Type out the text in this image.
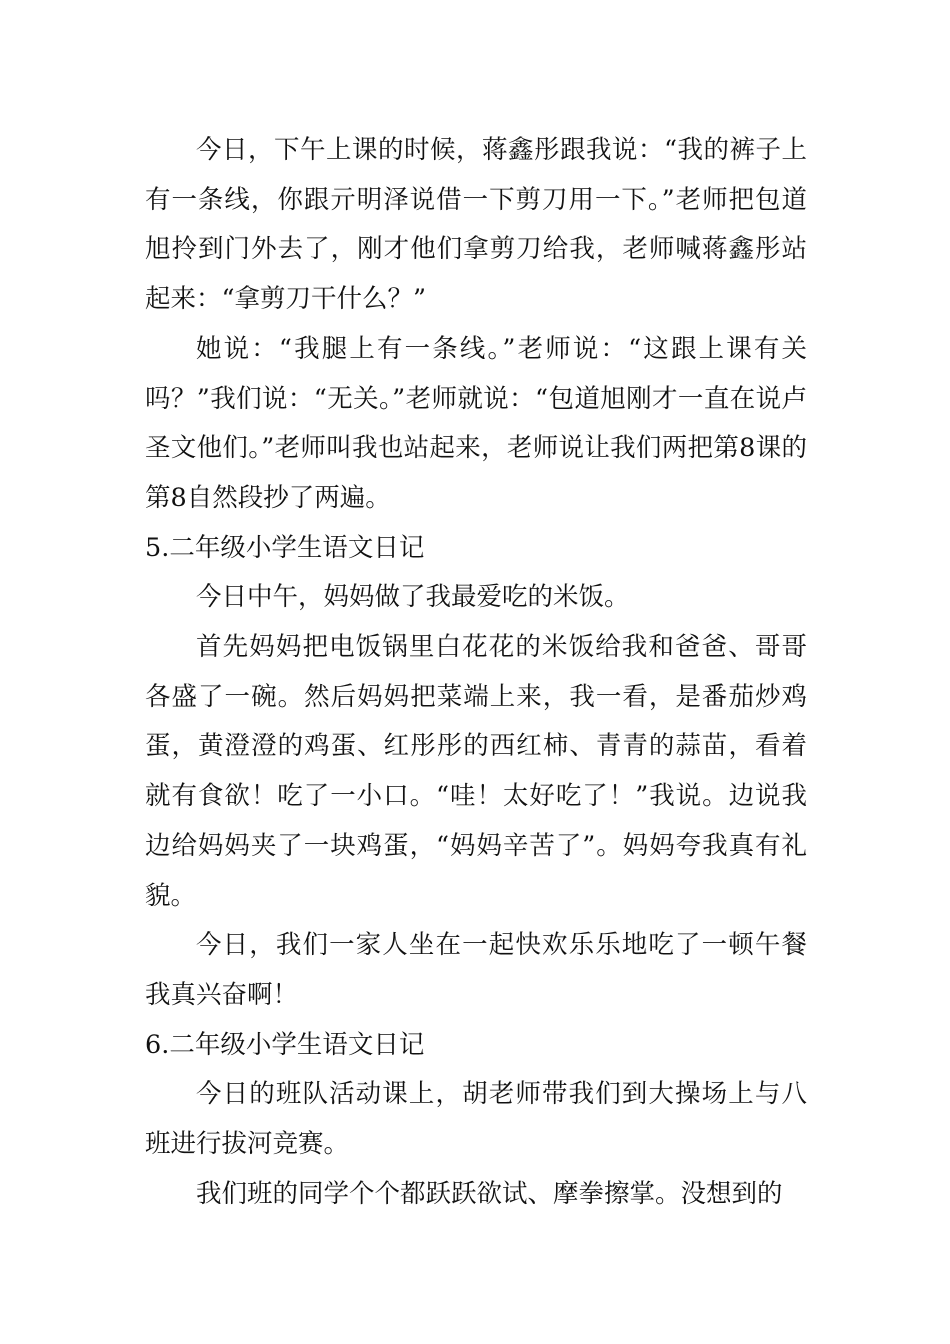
今日，下午上课的时候，蒋鑫彤跟我说：“我的裤子上有一条线，你跟亓明泽说借一下剪刀用一下。”老师把包道旭拎到门外去了，刚才他们拿剪刀给我，老师喊蒋鑫彤站起来：“拿剪刀干什么？”

她说：“我腿上有一条线。”老师说：“这跟上课有关吗？”我们说：“无关。”老师就说：“包道旭刚才一直在说卢圣文他们。”老师叫我也站起来，老师说让我们两把第8课的第8自然段抄了两遍。

5.二年级小学生语文日记

今日中午，妈妈做了我最爱吃的米饭。

首先妈妈把电饭锅里白花花的米饭给我和爸爸、哥哥各盛了一碗。然后妈妈把菜端上来，我一看，是番茄炒鸡蛋，黄澄澄的鸡蛋、红彤彤的西红柿、青青的蒜苗，看着就有食欲！吃了一小口。“哇！太好吃了！”我说。边说我边给妈妈夹了一块鸡蛋，“妈妈辛苦了”。妈妈夸我真有礼貌。

今日，我们一家人坐在一起快欢乐乐地吃了一顿午餐我真兴奋啊！

6.二年级小学生语文日记

今日的班队活动课上，胡老师带我们到大操场上与八班进行拔河竞赛。

我们班的同学个个都跃跃欲试、摩拳擦掌。没想到的
